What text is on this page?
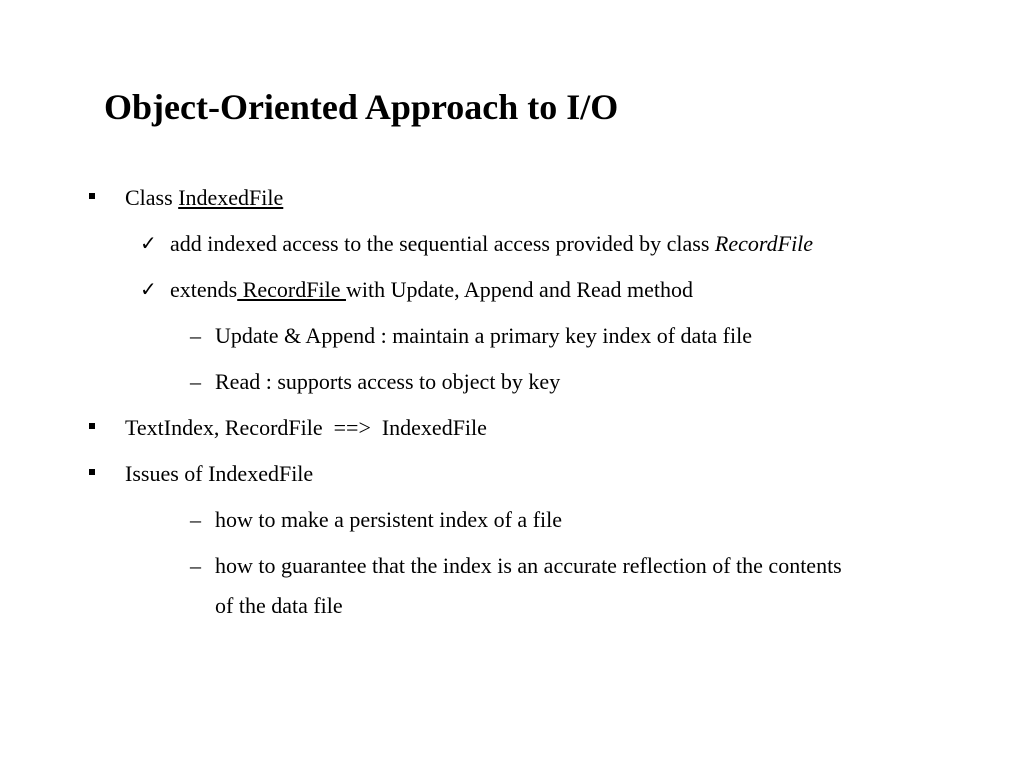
Object-Oriented Approach to I/O
Class IndexedFile
✓ add indexed access to the sequential access provided by class RecordFile
✓ extends RecordFile with Update, Append and Read method
– Update & Append : maintain a primary key index of data file
– Read : supports access to object by key
TextIndex, RecordFile  ==>  IndexedFile
Issues of IndexedFile
– how to make a persistent index of a file
– how to guarantee that the index is an accurate reflection of the contents
of the data file
